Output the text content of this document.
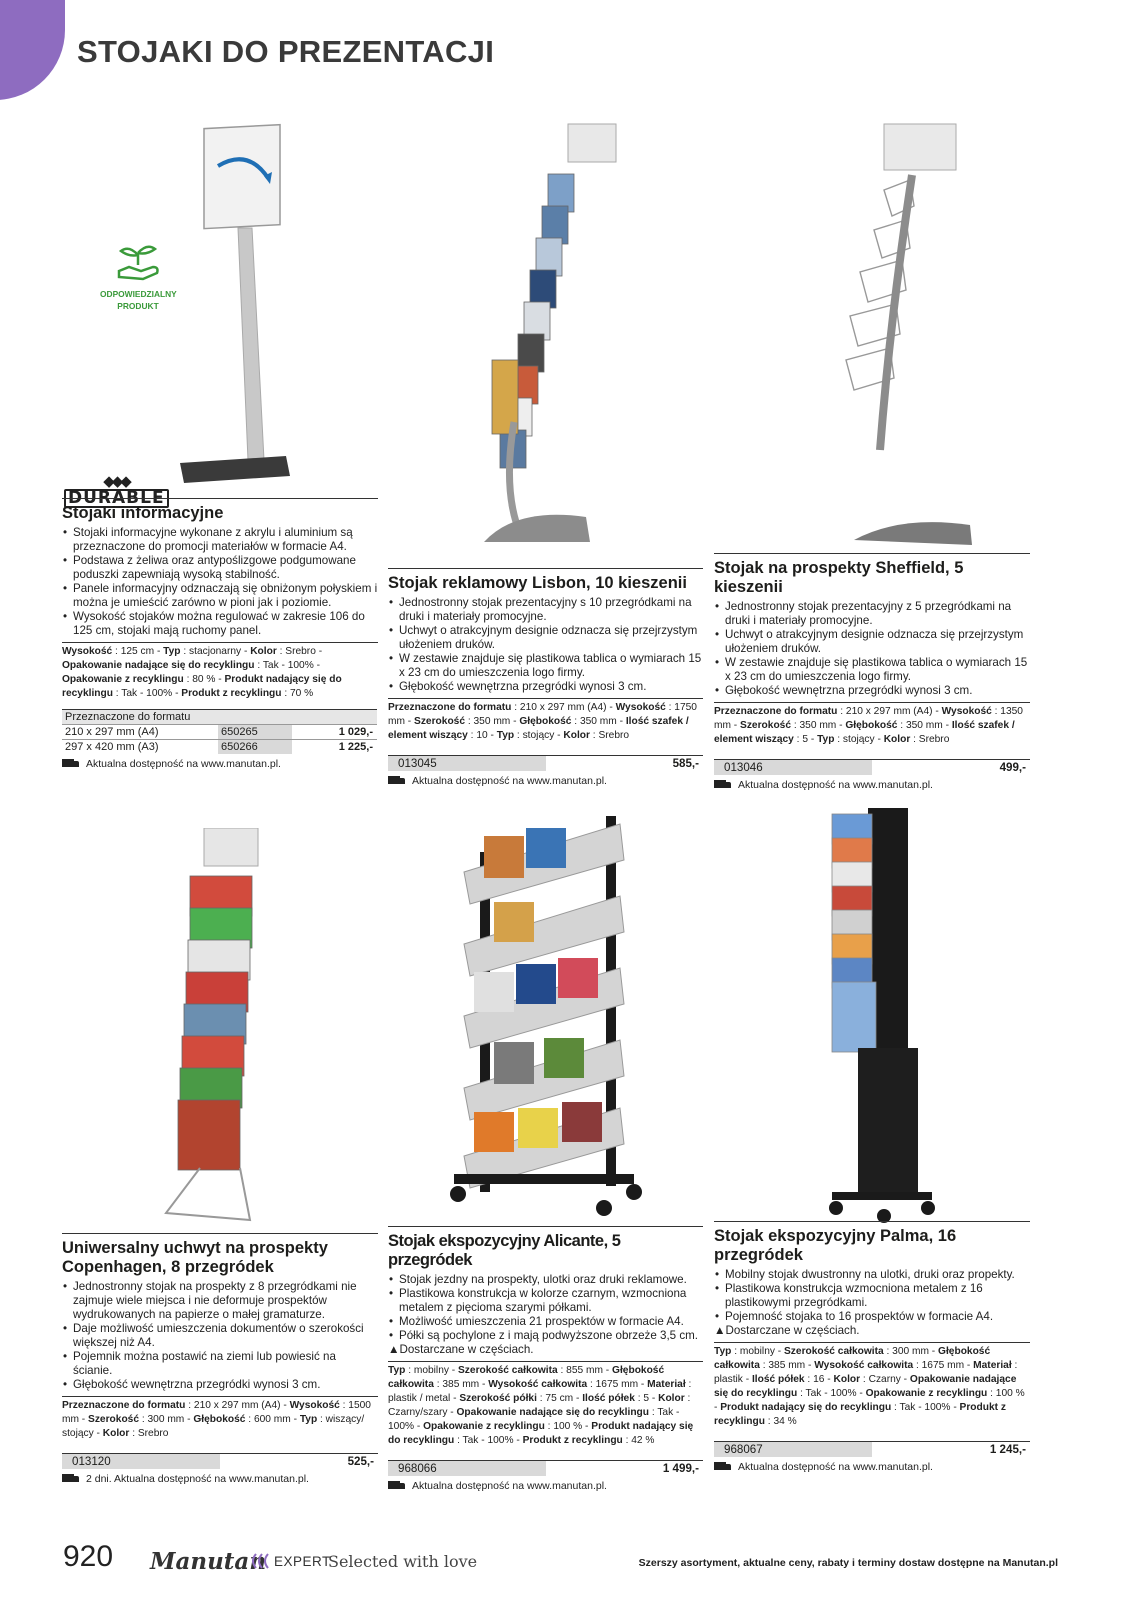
STOJAKI DO PREZENTACJI
ODPOWIEDZIALNY
PRODUKT
◆◆◆
DURABLE
Stojaki informacyjne
• Stojaki informacyjne wykonane z akrylu i aluminium są przeznaczone do promocji materiałów w formacie A4.
• Podstawa z żeliwa oraz antypoślizgowe podgumowane poduszki zapewniają wysoką stabilność.
• Panele informacyjny odznaczają się obniżonym połyskiem i można je umieścić zarówno w pioni jak i poziomie.
• Wysokość stojaków można regulować w zakresie 106 do 125 cm, stojaki mają ruchomy panel.
Wysokość : 125 cm - Typ : stacjonarny - Kolor : Srebro - Opakowanie nadające się do recyklingu : Tak - 100% - Opakowanie z recyklingu : 80 % - Produkt nadający się do recyklingu : Tak - 100% - Produkt z recyklingu : 70 %
Przeznaczone do formatu
210 x 297 mm (A4)	650265	1 029,-
297 x 420 mm (A3)	650266	1 225,-
Aktualna dostępność na www.manutan.pl.
Stojak reklamowy Lisbon, 10 kieszenii
• Jednostronny stojak prezentacyjny s 10 przegródkami na druki i materiały promocyjne.
• Uchwyt o atrakcyjnym designie odznacza się przejrzystym ułożeniem druków.
• W zestawie znajduje się plastikowa tablica o wymiarach 15 x 23 cm do umieszczenia logo firmy.
• Głębokość wewnętrzna przegródki wynosi 3 cm.
Przeznaczone do formatu : 210 x 297 mm (A4) - Wysokość : 1750 mm - Szerokość : 350 mm - Głębokość : 350 mm - Ilość szafek / element wiszący : 10 - Typ : stojący - Kolor : Srebro
013045	585,-
Aktualna dostępność na www.manutan.pl.
Stojak na prospekty Sheffield, 5 kieszenii
• Jednostronny stojak prezentacyjny z 5 przegródkami na druki i materiały promocyjne.
• Uchwyt o atrakcyjnym designie odznacza się przejrzystym ułożeniem druków.
• W zestawie znajduje się plastikowa tablica o wymiarach 15 x 23 cm do umieszczenia logo firmy.
• Głębokość wewnętrzna przegródki wynosi 3 cm.
Przeznaczone do formatu : 210 x 297 mm (A4) - Wysokość : 1350 mm - Szerokość : 350 mm - Głębokość : 350 mm - Ilość szafek / element wiszący : 5 - Typ : stojący - Kolor : Srebro
013046	499,-
Aktualna dostępność na www.manutan.pl.
Uniwersalny uchwyt na prospekty Copenhagen, 8 przegródek
• Jednostronny stojak na prospekty z 8 przegródkami nie zajmuje wiele miejsca i nie deformuje prospektów wydrukowanych na papierze o małej gramaturze.
• Daje możliwość umieszczenia dokumentów o szerokości większej niż A4.
• Pojemnik można postawić na ziemi lub powiesić na ścianie.
• Głębokość wewnętrzna przegródki wynosi 3 cm.
Przeznaczone do formatu : 210 x 297 mm (A4) - Wysokość : 1500 mm - Szerokość : 300 mm - Głębokość : 600 mm - Typ : wiszący/ stojący - Kolor : Srebro
013120	525,-
2 dni. Aktualna dostępność na www.manutan.pl.
Stojak ekspozycyjny Alicante, 5 przegródek
• Stojak jezdny na prospekty, ulotki oraz druki reklamowe.
• Plastikowa konstrukcja w kolorze czarnym, wzmocniona metalem z pięcioma szarymi półkami.
• Możliwość umieszczenia 21 prospektów w formacie A4.
• Półki są pochylone z i mają podwyższone obrzeże 3,5 cm.
▲Dostarczane w częściach.
Typ : mobilny - Szerokość całkowita : 855 mm - Głębokość całkowita : 385 mm - Wysokość całkowita : 1675 mm - Materiał : plastik / metal - Szerokość półki : 75 cm - Ilość półek : 5 - Kolor : Czarny/szary - Opakowanie nadające się do recyklingu : Tak - 100% - Opakowanie z recyklingu : 100 % - Produkt nadający się do recyklingu : Tak - 100% - Produkt z recyklingu : 42 %
968066	1 499,-
Aktualna dostępność na www.manutan.pl.
Stojak ekspozycyjny Palma, 16 przegródek
• Mobilny stojak dwustronny na ulotki, druki oraz propekty.
• Plastikowa konstrukcja wzmocniona metalem z 16 plastikowymi przegródkami.
• Pojemność stojaka to 16 prospektów w formacie A4.
▲Dostarczane w częściach.
Typ : mobilny - Szerokość całkowita : 300 mm - Głębokość całkowita : 385 mm - Wysokość całkowita : 1675 mm - Materiał : plastik - Ilość półek : 16 - Kolor : Czarny - Opakowanie nadające się do recyklingu : Tak - 100% - Opakowanie z recyklingu : 100 % - Produkt nadający się do recyklingu : Tak - 100% - Produkt z recyklingu : 34 %
968067	1 245,-
Aktualna dostępność na www.manutan.pl.
920 Manutan EXPERT
Selected with love	Szerszy asortyment, aktualne ceny, rabaty i terminy dostaw dostępne na Manutan.pl
